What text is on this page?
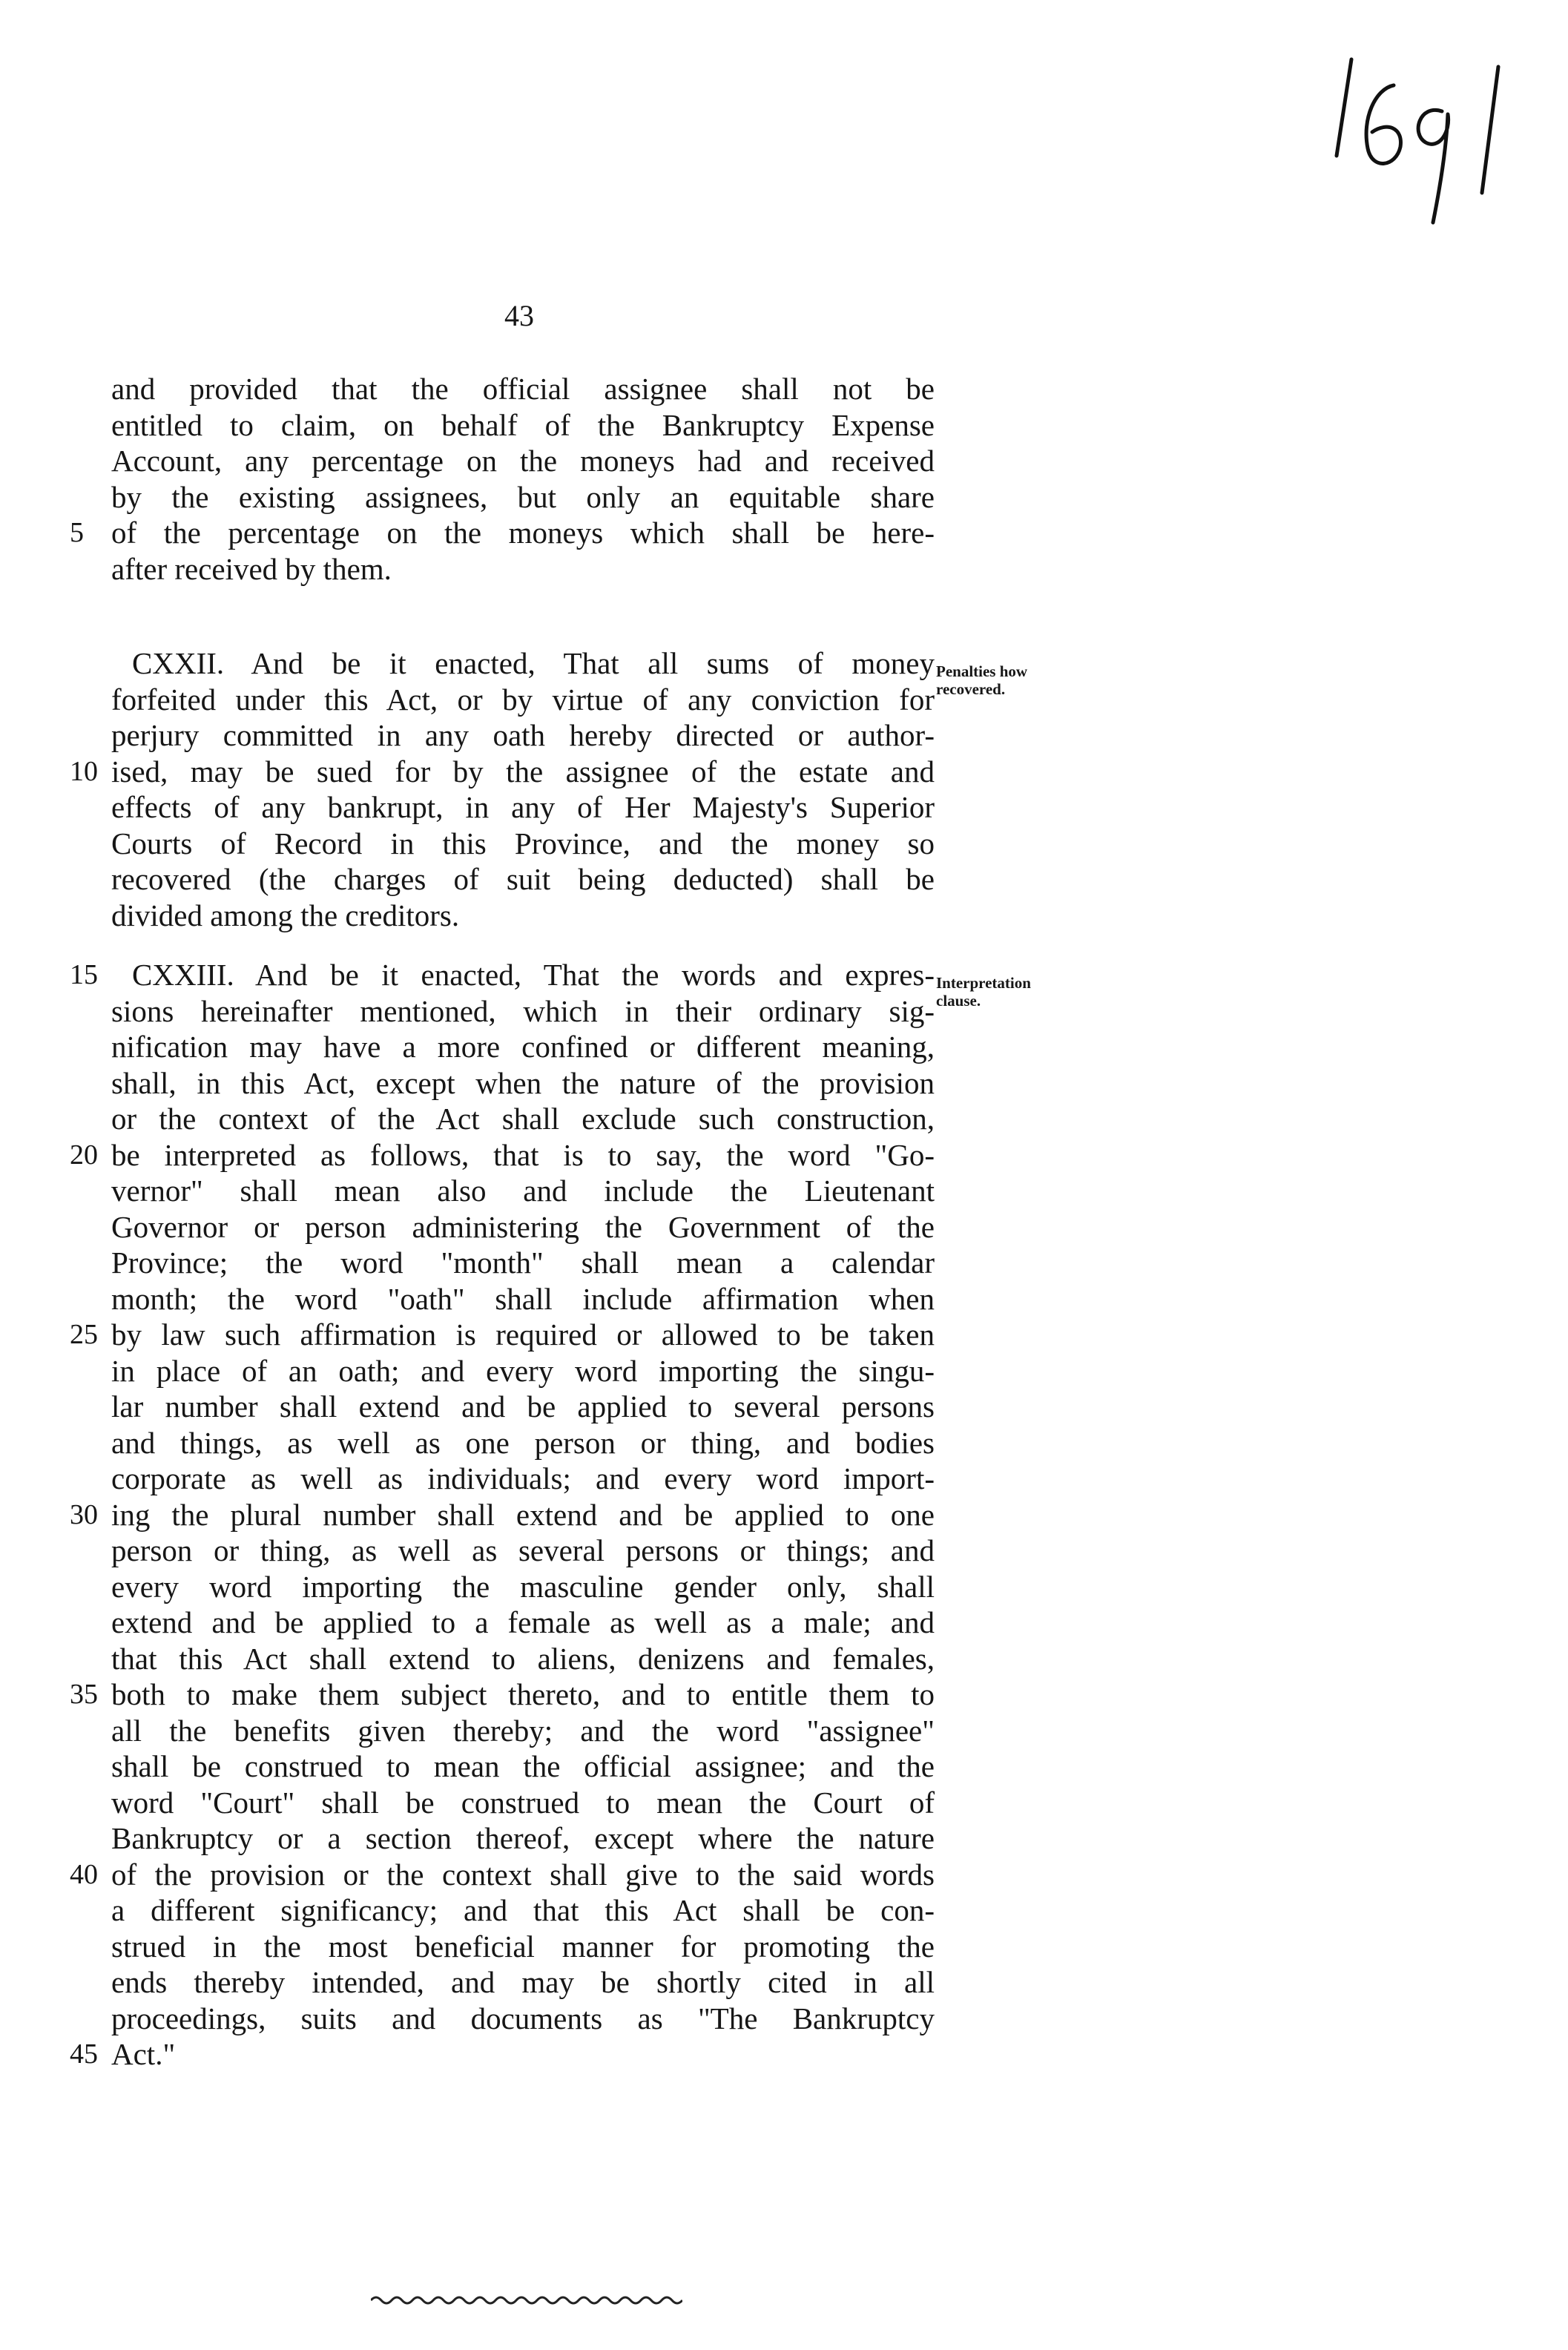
43
and provided that the official assignee shall not be
entitled to claim, on behalf of the Bankruptcy Expense
Account, any percentage on the moneys had and received
by the existing assignees, but only an equitable share
5 of the percentage on the moneys which shall be here-
after received by them.
CXXII. And be it enacted, That all sums of money
forfeited under this Act, or by virtue of any conviction for
perjury committed in any oath hereby directed or author-
10 ised, may be sued for by the assignee of the estate and
effects of any bankrupt, in any of Her Majesty's Superior
Courts of Record in this Province, and the money so
recovered (the charges of suit being deducted) shall be
divided among the creditors.
Penalties how
recovered.
15 CXXIII. And be it enacted, That the words and expres-
sions hereinafter mentioned, which in their ordinary sig-
nification may have a more confined or different meaning,
shall, in this Act, except when the nature of the provision
or the context of the Act shall exclude such construction,
20 be interpreted as follows, that is to say, the word "Go-
vernor" shall mean also and include the Lieutenant
Governor or person administering the Government of the
Province; the word "month" shall mean a calendar
month; the word "oath" shall include affirmation when
25 by law such affirmation is required or allowed to be taken
in place of an oath; and every word importing the singu-
lar number shall extend and be applied to several persons
and things, as well as one person or thing, and bodies
corporate as well as individuals; and every word import-
30 ing the plural number shall extend and be applied to one
person or thing, as well as several persons or things; and
every word importing the masculine gender only, shall
extend and be applied to a female as well as a male; and
that this Act shall extend to aliens, denizens and females,
35 both to make them subject thereto, and to entitle them to
all the benefits given thereby; and the word "assignee"
shall be construed to mean the official assignee; and the
word "Court" shall be construed to mean the Court of
Bankruptcy or a section thereof, except where the nature
40 of the provision or the context shall give to the said words
a different significancy; and that this Act shall be con-
strued in the most beneficial manner for promoting the
ends thereby intended, and may be shortly cited in all
proceedings, suits and documents as "The Bankruptcy
45 Act."
Interpretation
clause.
